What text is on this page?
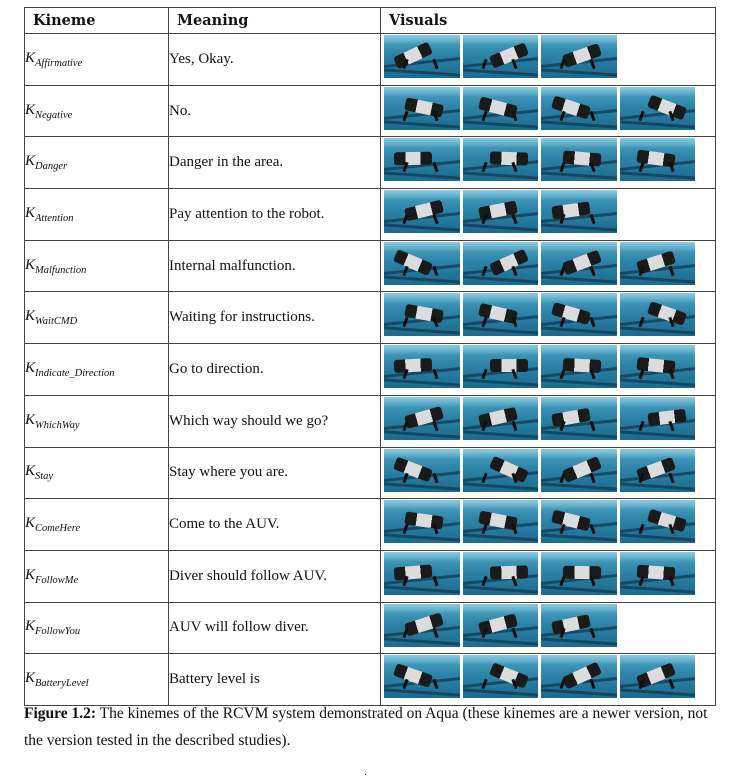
Kineme	Meaning	Visuals
$K_{Affirmative}$	Yes, Okay.	

$K_{Negative}$	No.	

$K_{Danger}$	Danger in the area.	

$K_{Attention}$	Pay attention to the robot.	

$K_{Malfunction}$	Internal malfunction.	

$K_{WaitCMD}$	Waiting for instructions.	

$K_{Indicate\_Direction}$	Go to direction.	

$K_{WhichWay}$	Which way should we go?	

$K_{Stay}$	Stay where you are.	

$K_{ComeHere}$	Come to the AUV.	

$K_{FollowMe}$	Diver should follow AUV.	

$K_{FollowYou}$	AUV will follow diver.	

$K_{BatteryLevel}$	Battery level is	
Figure 1.2: The kinemes of the RCVM system demonstrated on Aqua (these kinemes are a newer version, not the version tested in the described studies).
.
